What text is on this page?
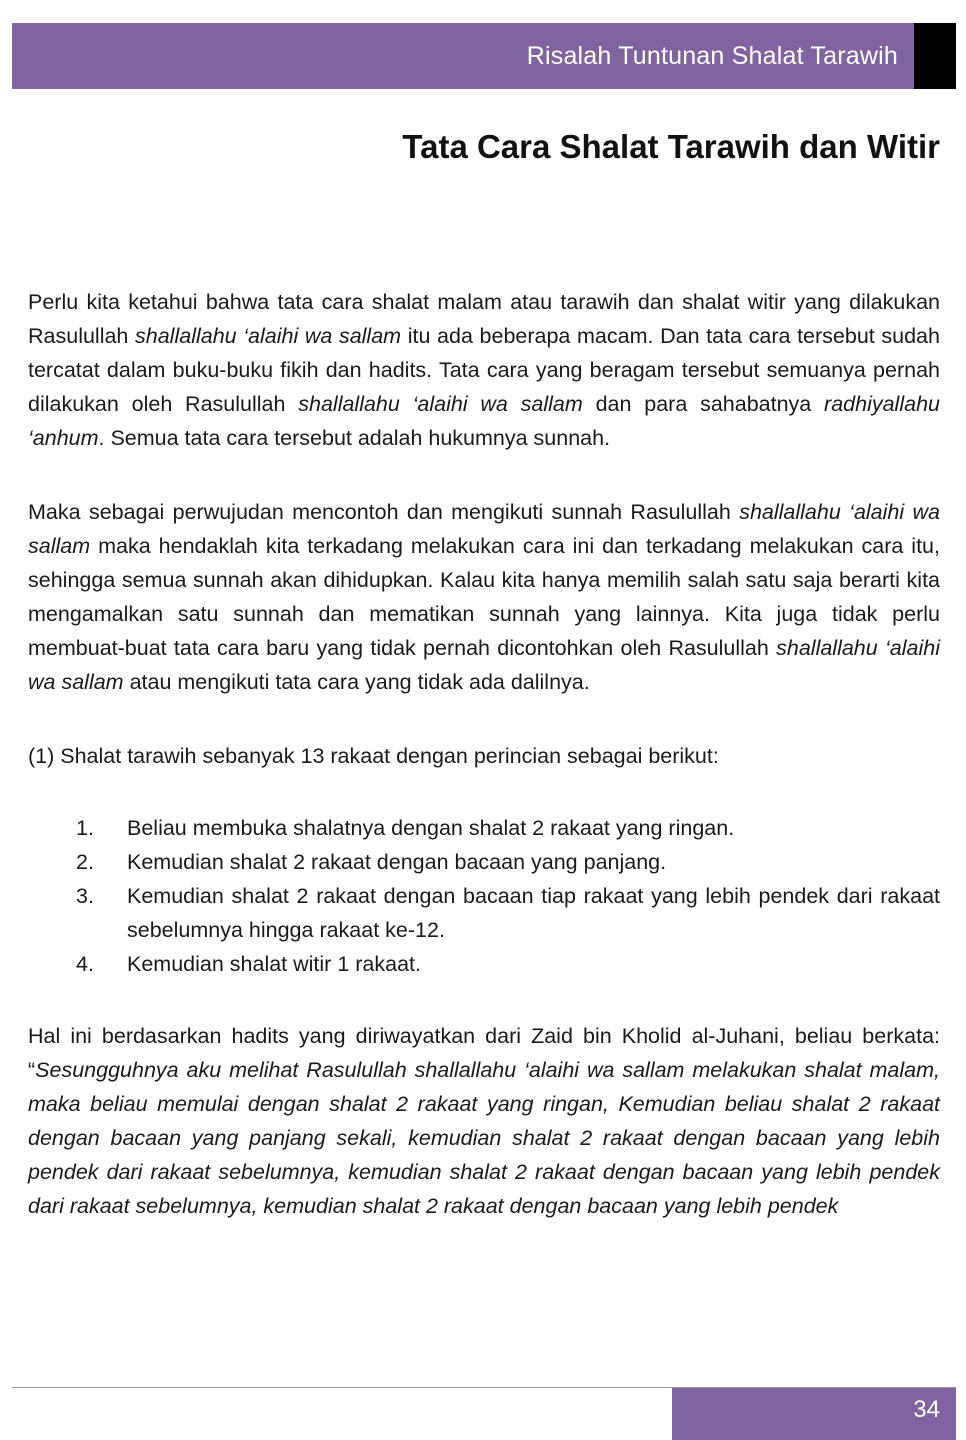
Risalah Tuntunan Shalat Tarawih
Tata Cara Shalat Tarawih dan Witir

Perlu kita ketahui bahwa tata cara shalat malam atau tarawih dan shalat witir yang dilakukan Rasulullah shallallahu ‘alaihi wa sallam itu ada beberapa macam. Dan tata cara tersebut sudah tercatat dalam buku-buku fikih dan hadits. Tata cara yang beragam tersebut semuanya pernah dilakukan oleh Rasulullah shallallahu ‘alaihi wa sallam dan para sahabatnya radhiyallahu ‘anhum. Semua tata cara tersebut adalah hukumnya sunnah.

Maka sebagai perwujudan mencontoh dan mengikuti sunnah Rasulullah shallallahu ‘alaihi wa sallam maka hendaklah kita terkadang melakukan cara ini dan terkadang melakukan cara itu, sehingga semua sunnah akan dihidupkan. Kalau kita hanya memilih salah satu saja berarti kita mengamalkan satu sunnah dan mematikan sunnah yang lainnya. Kita juga tidak perlu membuat-buat tata cara baru yang tidak pernah dicontohkan oleh Rasulullah shallallahu ‘alaihi wa sallam atau mengikuti tata cara yang tidak ada dalilnya.

(1) Shalat tarawih sebanyak 13 rakaat dengan perincian sebagai berikut:

1. Beliau membuka shalatnya dengan shalat 2 rakaat yang ringan.
2. Kemudian shalat 2 rakaat dengan bacaan yang panjang.
3. Kemudian shalat 2 rakaat dengan bacaan tiap rakaat yang lebih pendek dari rakaat sebelumnya hingga rakaat ke-12.
4. Kemudian shalat witir 1 rakaat.

Hal ini berdasarkan hadits yang diriwayatkan dari Zaid bin Kholid al-Juhani, beliau berkata: “Sesungguhnya aku melihat Rasulullah shallallahu ‘alaihi wa sallam melakukan shalat malam, maka beliau memulai dengan shalat 2 rakaat yang ringan, Kemudian beliau shalat 2 rakaat dengan bacaan yang panjang sekali, kemudian shalat 2 rakaat dengan bacaan yang lebih pendek dari rakaat sebelumnya, kemudian shalat 2 rakaat dengan bacaan yang lebih pendek dari rakaat sebelumnya, kemudian shalat 2 rakaat dengan bacaan yang lebih pendek

34
